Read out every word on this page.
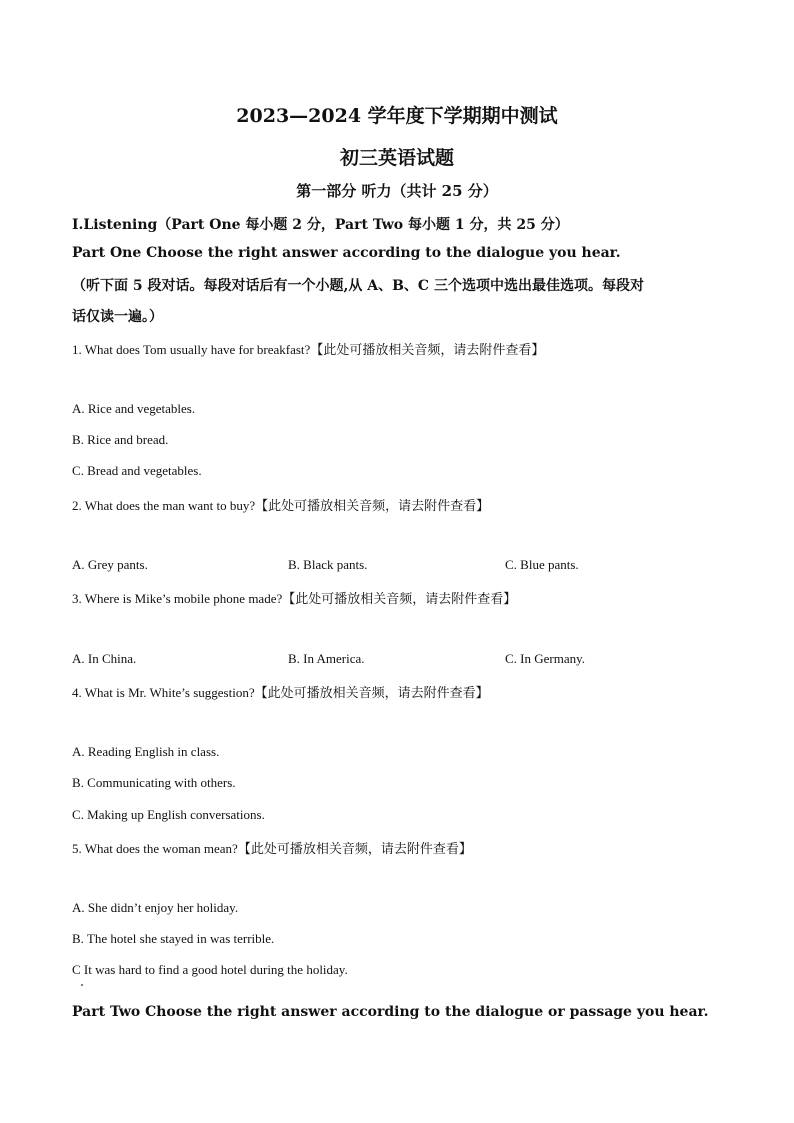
2023—2024 学年度下学期期中测试
初三英语试题
第一部分 听力（共计 25 分）
I.Listening（Part One 每小题 2 分，Part Two 每小题 1 分，共 25 分）
Part One Choose the right answer according to the dialogue you hear.
（听下面 5 段对话。每段对话后有一个小题,从 A、B、C 三个选项中选出最佳选项。每段对
话仅读一遍。）
1. What does Tom usually have for breakfast?【此处可播放相关音频，请去附件查看】
A. Rice and vegetables.
B. Rice and bread.
C. Bread and vegetables.
2. What does the man want to buy?【此处可播放相关音频，请去附件查看】
A. Grey pants.	B. Black pants.	C. Blue pants.
3. Where is Mike’s mobile phone made?【此处可播放相关音频，请去附件查看】
A. In China.	B. In America.	C. In Germany.
4. What is Mr. White’s suggestion?【此处可播放相关音频，请去附件查看】
A. Reading English in class.
B. Communicating with others.
C. Making up English conversations.
5. What does the woman mean?【此处可播放相关音频，请去附件查看】
A. She didn’t enjoy her holiday.
B. The hotel she stayed in was terrible.
C It was hard to find a good hotel during the holiday.
Part Two Choose the right answer according to the dialogue or passage you hear.
